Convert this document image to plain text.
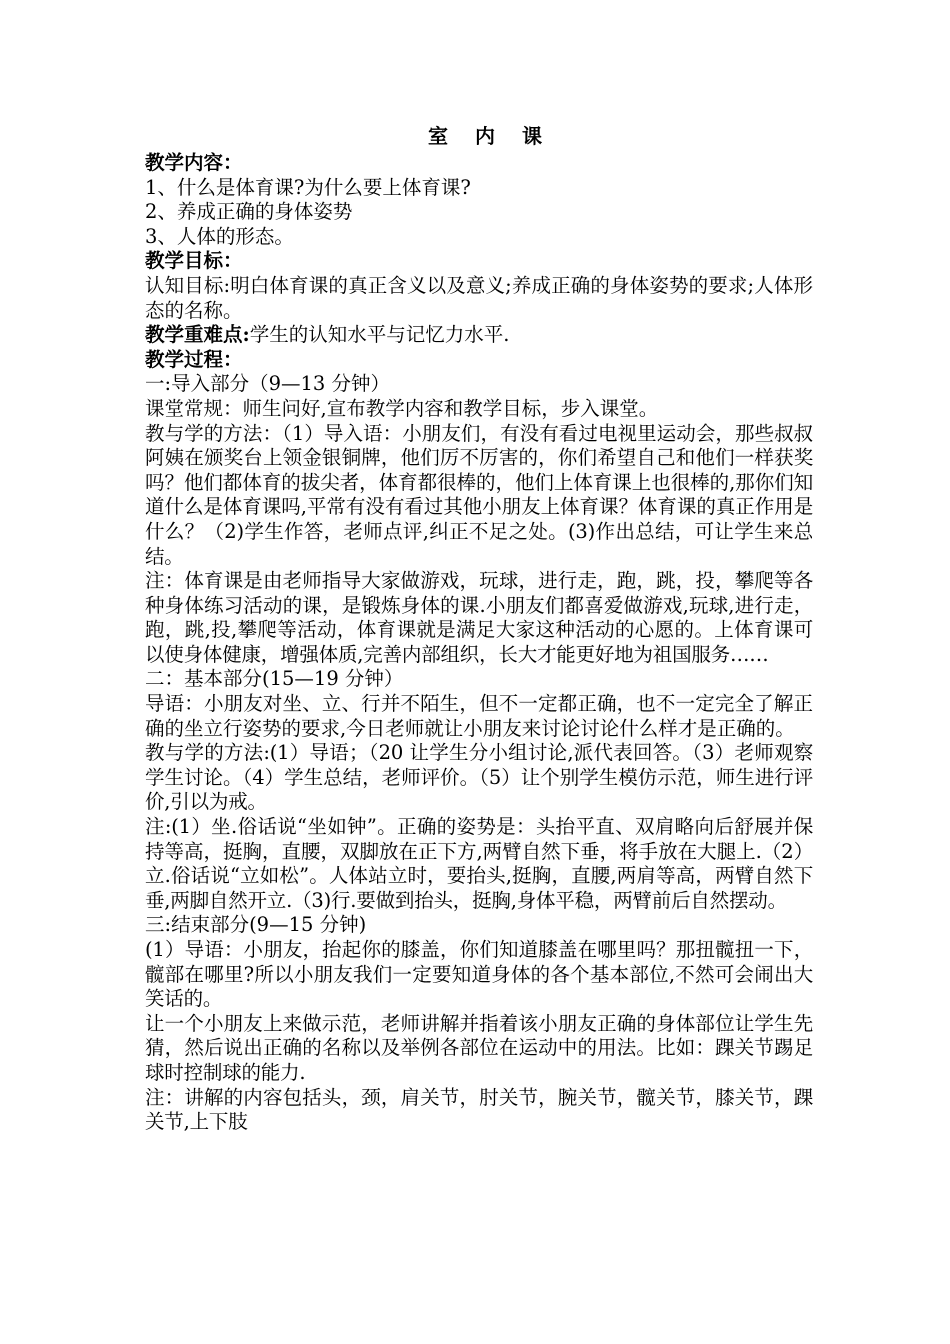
室 内 课

教学内容：

1、什么是体育课?为什么要上体育课?

2、养成正确的身体姿势

3、人体的形态。

教学目标：

认知目标:明白体育课的真正含义以及意义;养成正确的身体姿势的要求;人体形态的名称。

教学重难点:学生的认知水平与记忆力水平.

教学过程：

一:导入部分（9—13 分钟）

课堂常规：师生问好,宣布教学内容和教学目标，步入课堂。

教与学的方法：（1）导入语：小朋友们，有没有看过电视里运动会，那些叔叔阿姨在颁奖台上领金银铜牌，他们厉不厉害的，你们希望自己和他们一样获奖吗？他们都体育的拔尖者，体育都很棒的，他们上体育课上也很棒的,那你们知道什么是体育课吗,平常有没有看过其他小朋友上体育课？体育课的真正作用是什么？（2)学生作答，老师点评,纠正不足之处。(3)作出总结，可让学生来总结。

注：体育课是由老师指导大家做游戏，玩球，进行走，跑，跳，投，攀爬等各种身体练习活动的课，是锻炼身体的课.小朋友们都喜爱做游戏,玩球,进行走，跑，跳,投,攀爬等活动，体育课就是满足大家这种活动的心愿的。上体育课可以使身体健康，增强体质,完善内部组织，长大才能更好地为祖国服务……

二：基本部分(15—19 分钟）

导语：小朋友对坐、立、行并不陌生，但不一定都正确，也不一定完全了解正确的坐立行姿势的要求,今日老师就让小朋友来讨论讨论什么样才是正确的。

教与学的方法:(1）导语；（20 让学生分小组讨论,派代表回答。（3）老师观察学生讨论。（4）学生总结，老师评价。（5）让个别学生模仿示范，师生进行评价,引以为戒。

注:(1）坐.俗话说“坐如钟”。正确的姿势是：头抬平直、双肩略向后舒展并保持等高，挺胸，直腰，双脚放在正下方,两臂自然下垂，将手放在大腿上.（2）立.俗话说“立如松”。人体站立时，要抬头,挺胸，直腰,两肩等高，两臂自然下垂,两脚自然开立.（3)行.要做到抬头，挺胸,身体平稳，两臂前后自然摆动。

三:结束部分(9—15 分钟)

(1）导语：小朋友，抬起你的膝盖，你们知道膝盖在哪里吗？那扭髋扭一下，髋部在哪里?所以小朋友我们一定要知道身体的各个基本部位,不然可会闹出大笑话的。

让一个小朋友上来做示范，老师讲解并指着该小朋友正确的身体部位让学生先猜，然后说出正确的名称以及举例各部位在运动中的用法。比如：踝关节踢足球时控制球的能力.

注：讲解的内容包括头，颈，肩关节，肘关节，腕关节，髋关节，膝关节，踝关节,上下肢
